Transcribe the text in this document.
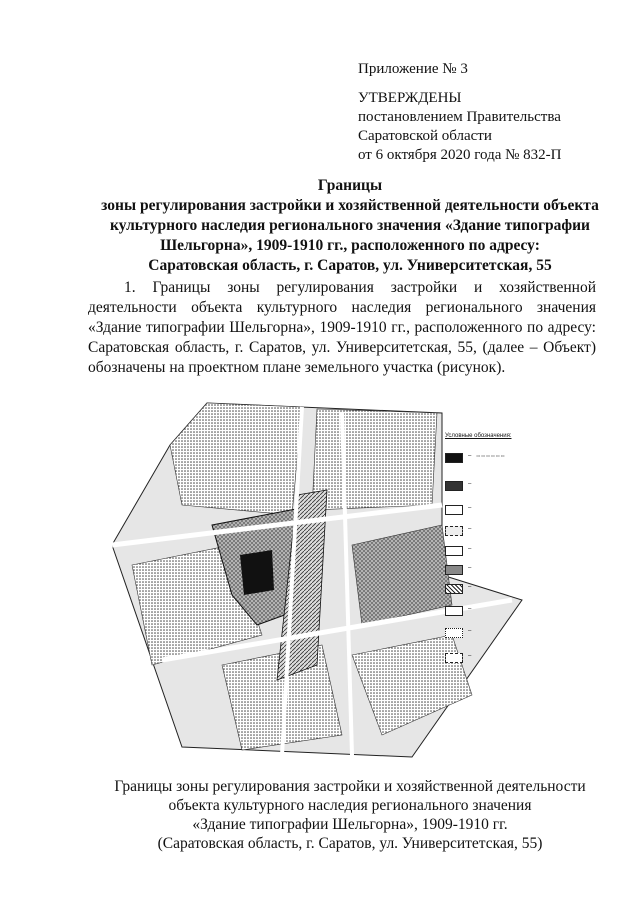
Приложение № 3
УТВЕРЖДЕНЫ
постановлением Правительства
Саратовской области
от 6 октября 2020 года № 832-П
Границы
зоны регулирования застройки и хозяйственной деятельности объекта
культурного наследия регионального значения «Здание типографии
Шельгорна», 1909-1910 гг., расположенного по адресу:
Саратовская область, г. Саратов, ул. Университетская, 55
1. Границы зоны регулирования застройки и хозяйственной деятельности объекта культурного наследия регионального значения «Здание типографии Шельгорна», 1909-1910 гг., расположенного по адресу: Саратовская область, г. Саратов, ул. Университетская, 55, (далее – Объект) обозначены на проектном плане земельного участка (рисунок).
Условные обозначения:
– ▭ ▭ ▭ ▭ ▭ ▭
–
–
–
–
–
–
–
–
–
Границы зоны регулирования застройки и хозяйственной деятельности
объекта культурного наследия регионального значения
«Здание типографии Шельгорна», 1909-1910 гг.
(Саратовская область, г. Саратов, ул. Университетская, 55)
